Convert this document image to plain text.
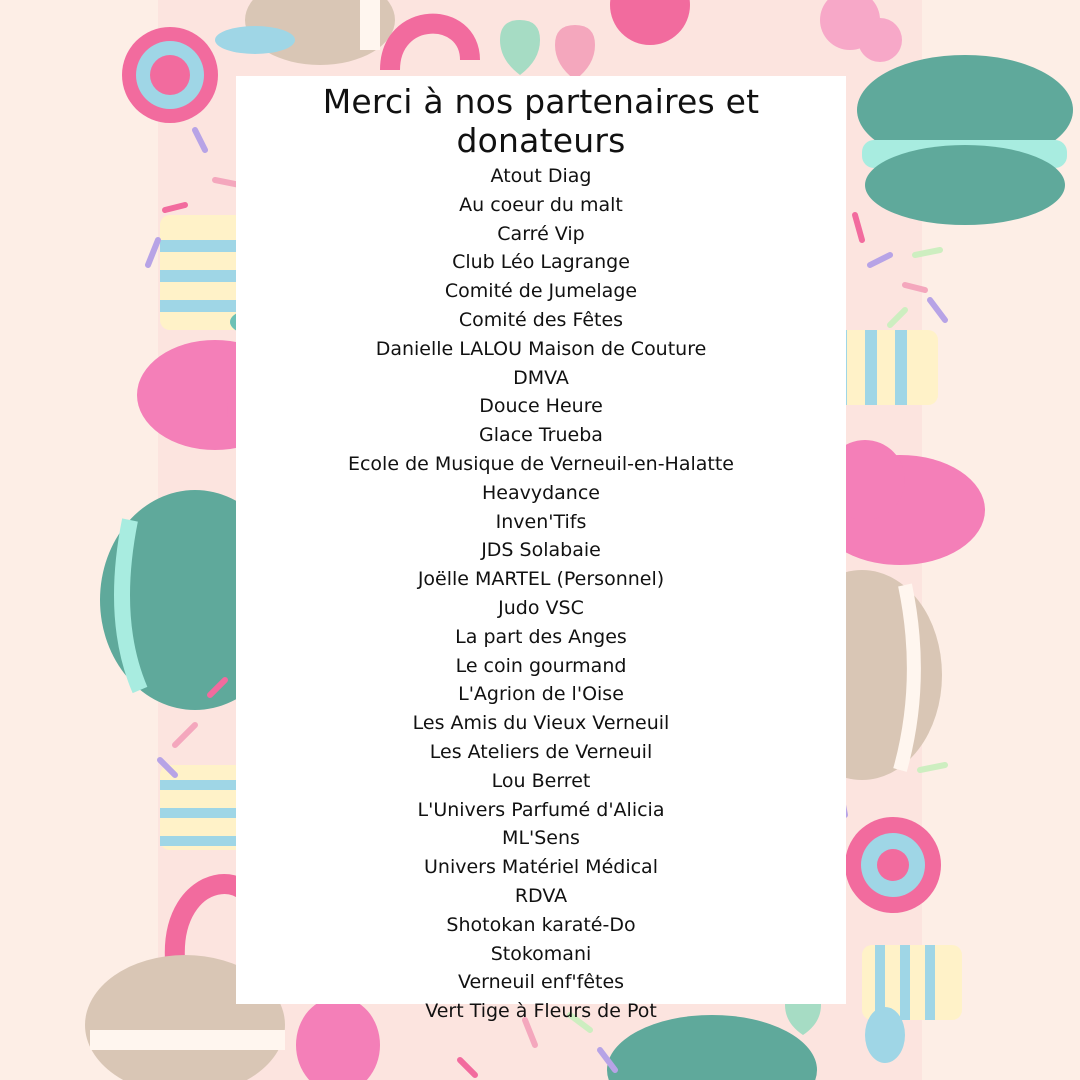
Merci à nos partenaires et donateurs
Atout Diag
Au coeur du malt
Carré Vip
Club Léo Lagrange
Comité de Jumelage
Comité des Fêtes
Danielle LALOU Maison de Couture
DMVA
Douce Heure
Glace Trueba
Ecole de Musique de Verneuil-en-Halatte
Heavydance
Inven'Tifs
JDS Solabaie
Joëlle MARTEL (Personnel)
Judo VSC
La part des Anges
Le coin gourmand
L'Agrion de l'Oise
Les Amis du Vieux Verneuil
Les Ateliers de Verneuil
Lou Berret
L'Univers Parfumé d'Alicia
ML'Sens
Univers Matériel Médical
RDVA
Shotokan karaté-Do
Stokomani
Verneuil enf'fêtes
Vert Tige à Fleurs de Pot
